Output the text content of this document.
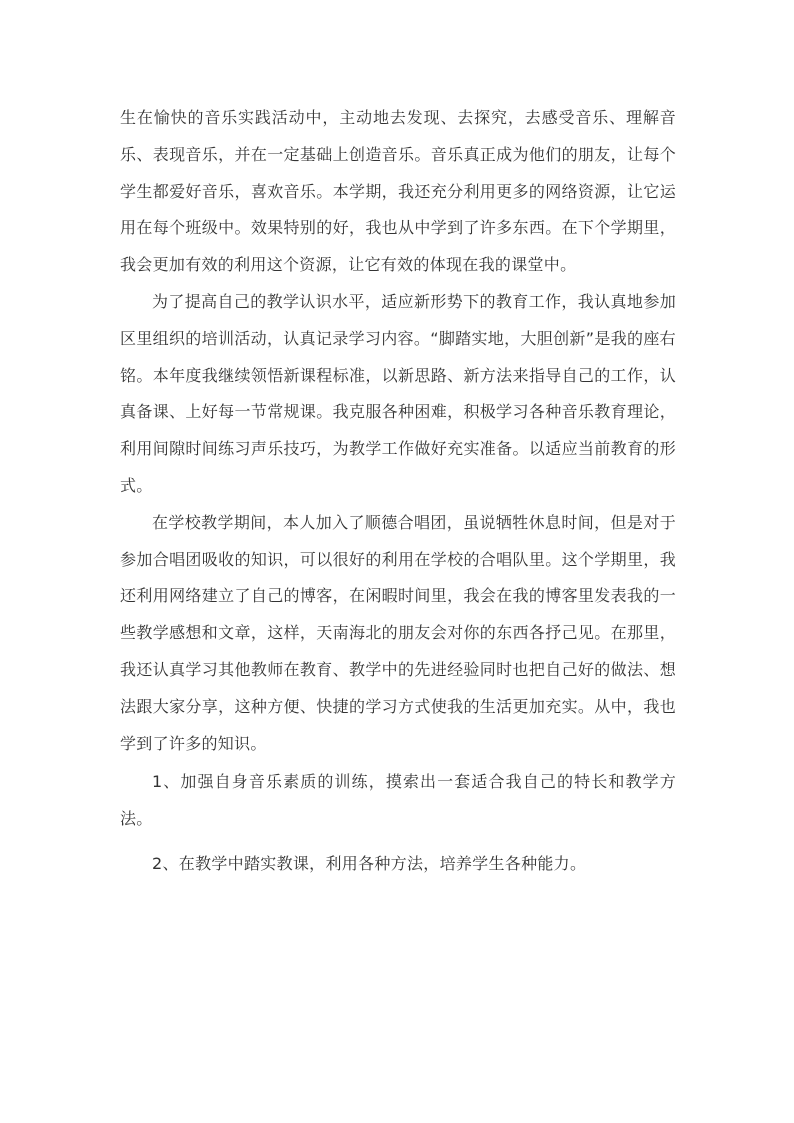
生在愉快的音乐实践活动中，主动地去发现、去探究，去感受音乐、理解音乐、表现音乐，并在一定基础上创造音乐。音乐真正成为他们的朋友，让每个学生都爱好音乐，喜欢音乐。本学期，我还充分利用更多的网络资源，让它运用在每个班级中。效果特别的好，我也从中学到了许多东西。在下个学期里，我会更加有效的利用这个资源，让它有效的体现在我的课堂中。

为了提高自己的教学认识水平，适应新形势下的教育工作，我认真地参加区里组织的培训活动，认真记录学习内容。“脚踏实地，大胆创新”是我的座右铭。本年度我继续领悟新课程标准，以新思路、新方法来指导自己的工作，认真备课、上好每一节常规课。我克服各种困难，积极学习各种音乐教育理论，利用间隙时间练习声乐技巧，为教学工作做好充实准备。以适应当前教育的形式。

在学校教学期间，本人加入了顺德合唱团，虽说牺牲休息时间，但是对于参加合唱团吸收的知识，可以很好的利用在学校的合唱队里。这个学期里，我还利用网络建立了自己的博客，在闲暇时间里，我会在我的博客里发表我的一些教学感想和文章，这样，天南海北的朋友会对你的东西各抒己见。在那里，我还认真学习其他教师在教育、教学中的先进经验同时也把自己好的做法、想法跟大家分享，这种方便、快捷的学习方式使我的生活更加充实。从中，我也学到了许多的知识。

1、加强自身音乐素质的训练，摸索出一套适合我自己的特长和教学方法。

2、在教学中踏实教课，利用各种方法，培养学生各种能力。
